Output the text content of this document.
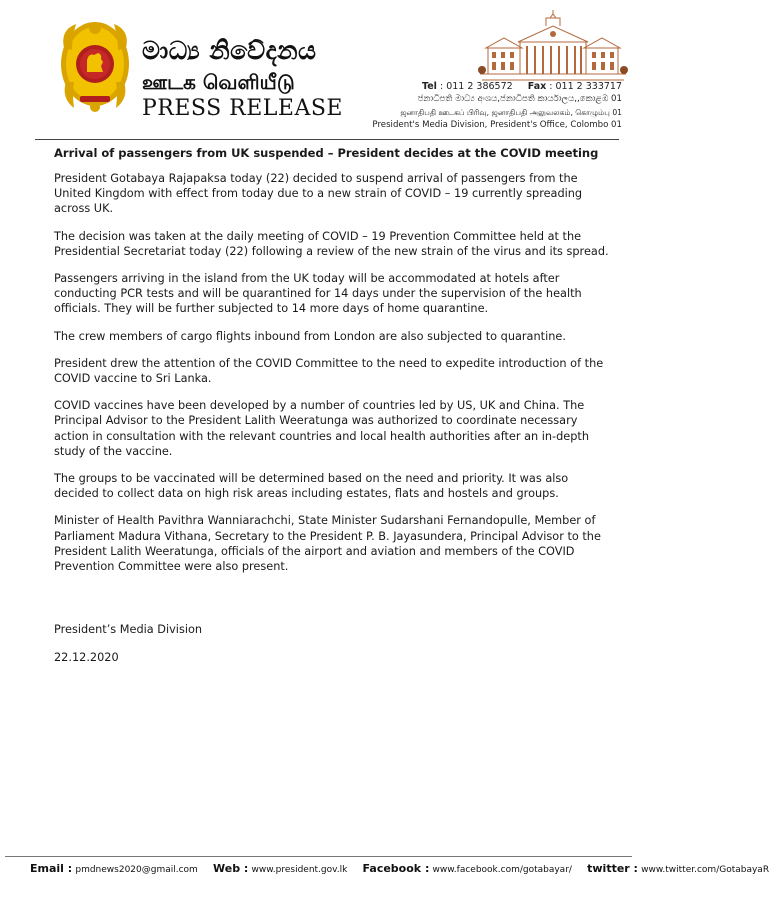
මාධ්‍ය නිවේදනය
ஊடக வெளியீடு
PRESS RELEASE
Tel : 011 2 386572 Fax : 011 2 333717
ජනාධිපති මාධ්‍ය අංශය,ජනාධිපති කාර්යාලය,,කොළඹ 01
ஜனாதிபதி ஊடகப் பிரிவு, ஜனாதிபதி அலுவலகம், கொழும்பு 01
President's Media Division, President's Office, Colombo 01
Arrival of passengers from UK suspended – President decides at the COVID meeting

President Gotabaya Rajapaksa today (22) decided to suspend arrival of passengers from the United Kingdom with effect from today due to a new strain of COVID – 19 currently spreading across UK.

The decision was taken at the daily meeting of COVID – 19 Prevention Committee held at the Presidential Secretariat today (22) following a review of the new strain of the virus and its spread.

Passengers arriving in the island from the UK today will be accommodated at hotels after conducting PCR tests and will be quarantined for 14 days under the supervision of the health officials. They will be further subjected to 14 more days of home quarantine.

The crew members of cargo flights inbound from London are also subjected to quarantine.

President drew the attention of the COVID Committee to the need to expedite introduction of the COVID vaccine to Sri Lanka.

COVID vaccines have been developed by a number of countries led by US, UK and China. The Principal Advisor to the President Lalith Weeratunga was authorized to coordinate necessary action in consultation with the relevant countries and local health authorities after an in-depth study of the vaccine.

The groups to be vaccinated will be determined based on the need and priority. It was also decided to collect data on high risk areas including estates, flats and hostels and groups.

Minister of Health Pavithra Wanniarachchi, State Minister Sudarshani Fernandopulle, Member of Parliament Madura Vithana, Secretary to the President P. B. Jayasundera, Principal Advisor to the President Lalith Weeratunga, officials of the airport and aviation and members of the COVID Prevention Committee were also present.

President’s Media Division
22.12.2020
Email : pmdnews2020@gmail.com Web : www.president.gov.lk Facebook : www.facebook.com/gotabayar/ twitter : www.twitter.com/GotabayaR
